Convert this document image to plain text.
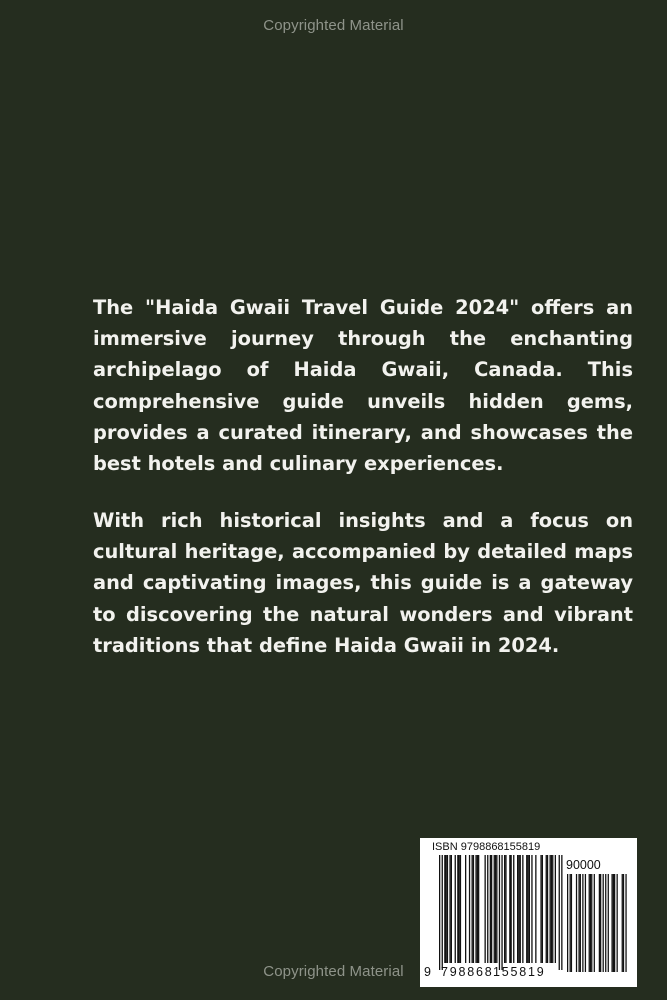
Copyrighted Material

The "Haida Gwaii Travel Guide 2024" offers an immersive journey through the enchanting archipelago of Haida Gwaii, Canada. This comprehensive guide unveils hidden gems, provides a curated itinerary, and showcases the best hotels and culinary experiences.

With rich historical insights and a focus on cultural heritage, accompanied by detailed maps and captivating images, this guide is a gateway to discovering the natural wonders and vibrant traditions that define Haida Gwaii in 2024.

ISBN 9798868155819
90000
9 798868 155819
Copyrighted Material
